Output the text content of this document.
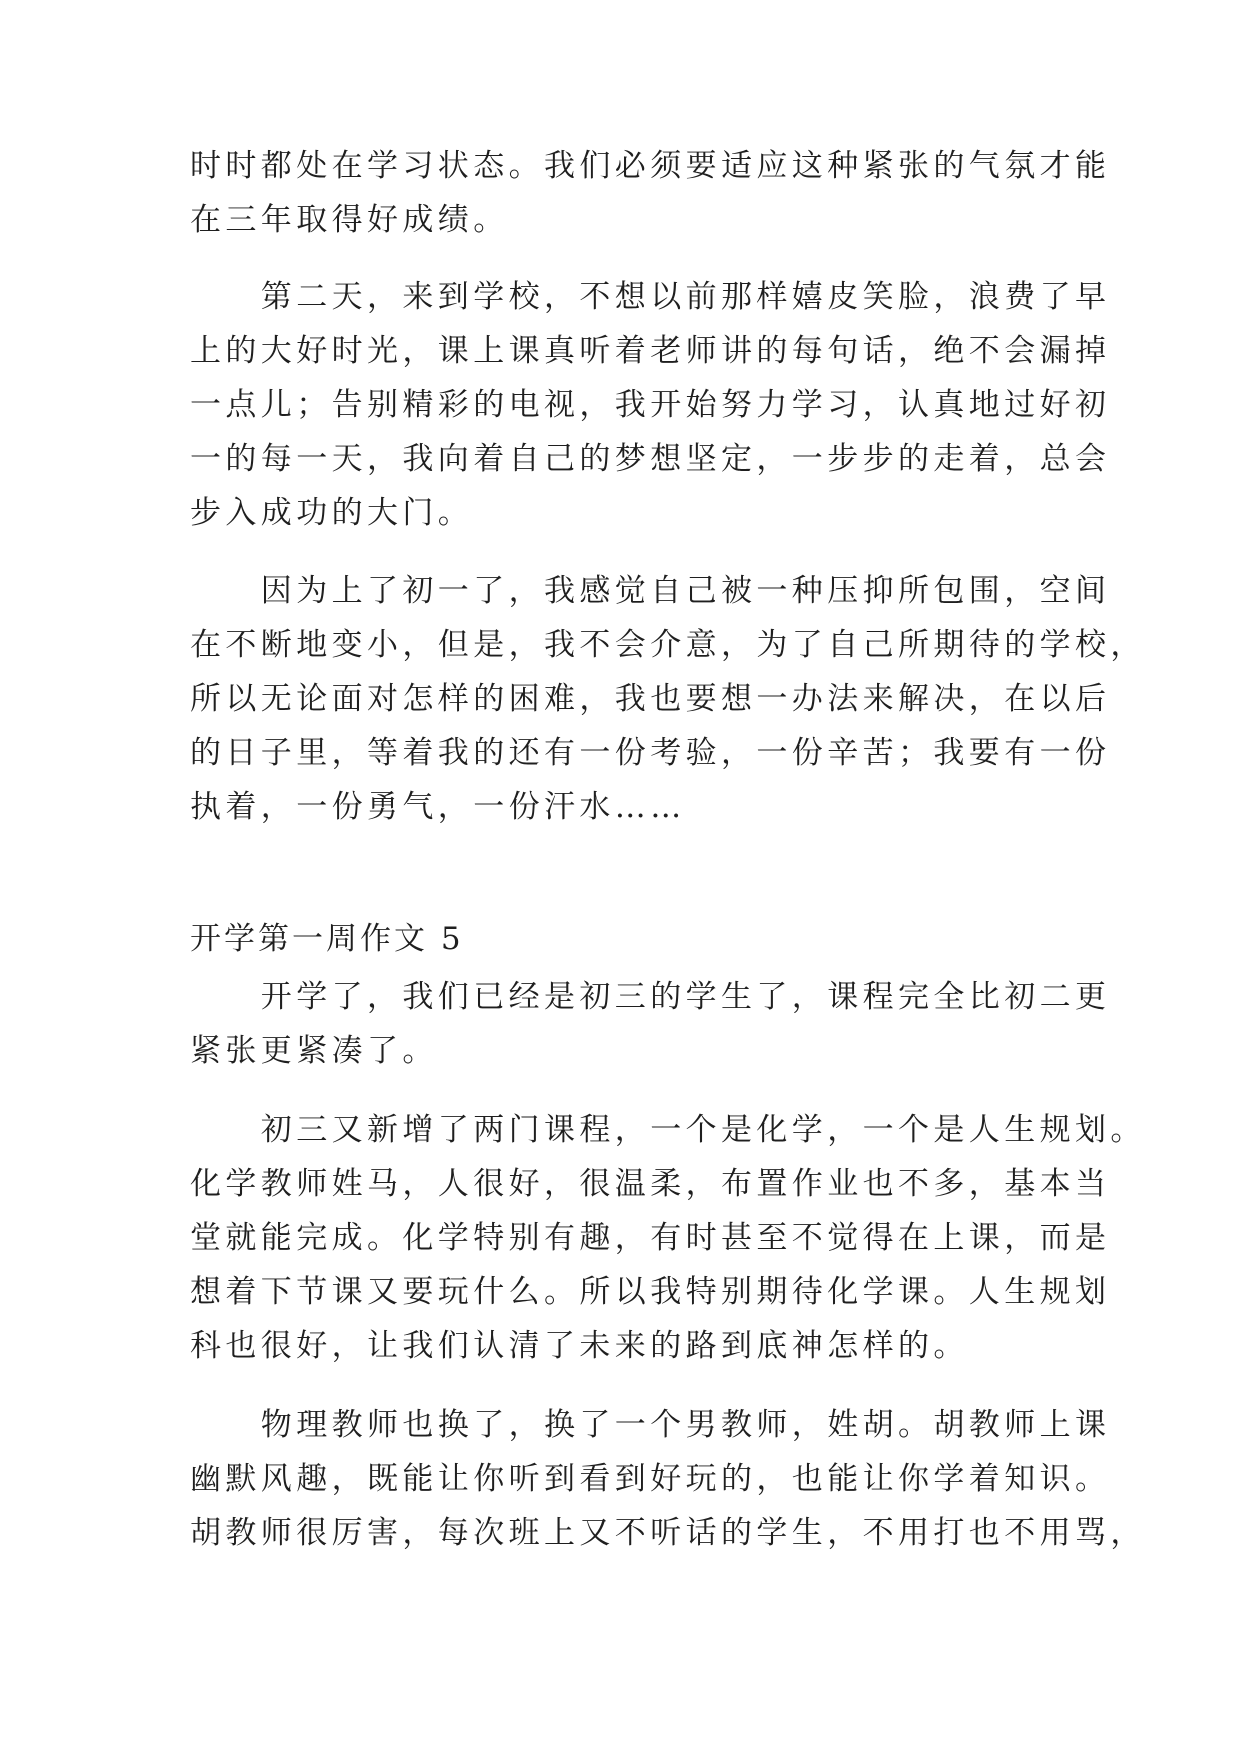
时时都处在学习状态。我们必须要适应这种紧张的气氛才能
在三年取得好成绩。
　　第二天，来到学校，不想以前那样嬉皮笑脸，浪费了早
上的大好时光，课上课真听着老师讲的每句话，绝不会漏掉
一点儿；告别精彩的电视，我开始努力学习，认真地过好初
一的每一天，我向着自己的梦想坚定，一步步的走着，总会
步入成功的大门。
　　因为上了初一了，我感觉自己被一种压抑所包围，空间
在不断地变小，但是，我不会介意，为了自己所期待的学校，
所以无论面对怎样的困难，我也要想一办法来解决，在以后
的日子里，等着我的还有一份考验，一份辛苦；我要有一份
执着，一份勇气，一份汗水……
开学第一周作文 5
　　开学了，我们已经是初三的学生了，课程完全比初二更
紧张更紧凑了。
　　初三又新增了两门课程，一个是化学，一个是人生规划。
化学教师姓马，人很好，很温柔，布置作业也不多，基本当
堂就能完成。化学特别有趣，有时甚至不觉得在上课，而是
想着下节课又要玩什么。所以我特别期待化学课。人生规划
科也很好，让我们认清了未来的路到底神怎样的。
　　物理教师也换了，换了一个男教师，姓胡。胡教师上课
幽默风趣，既能让你听到看到好玩的，也能让你学着知识。
胡教师很厉害，每次班上又不听话的学生，不用打也不用骂，
